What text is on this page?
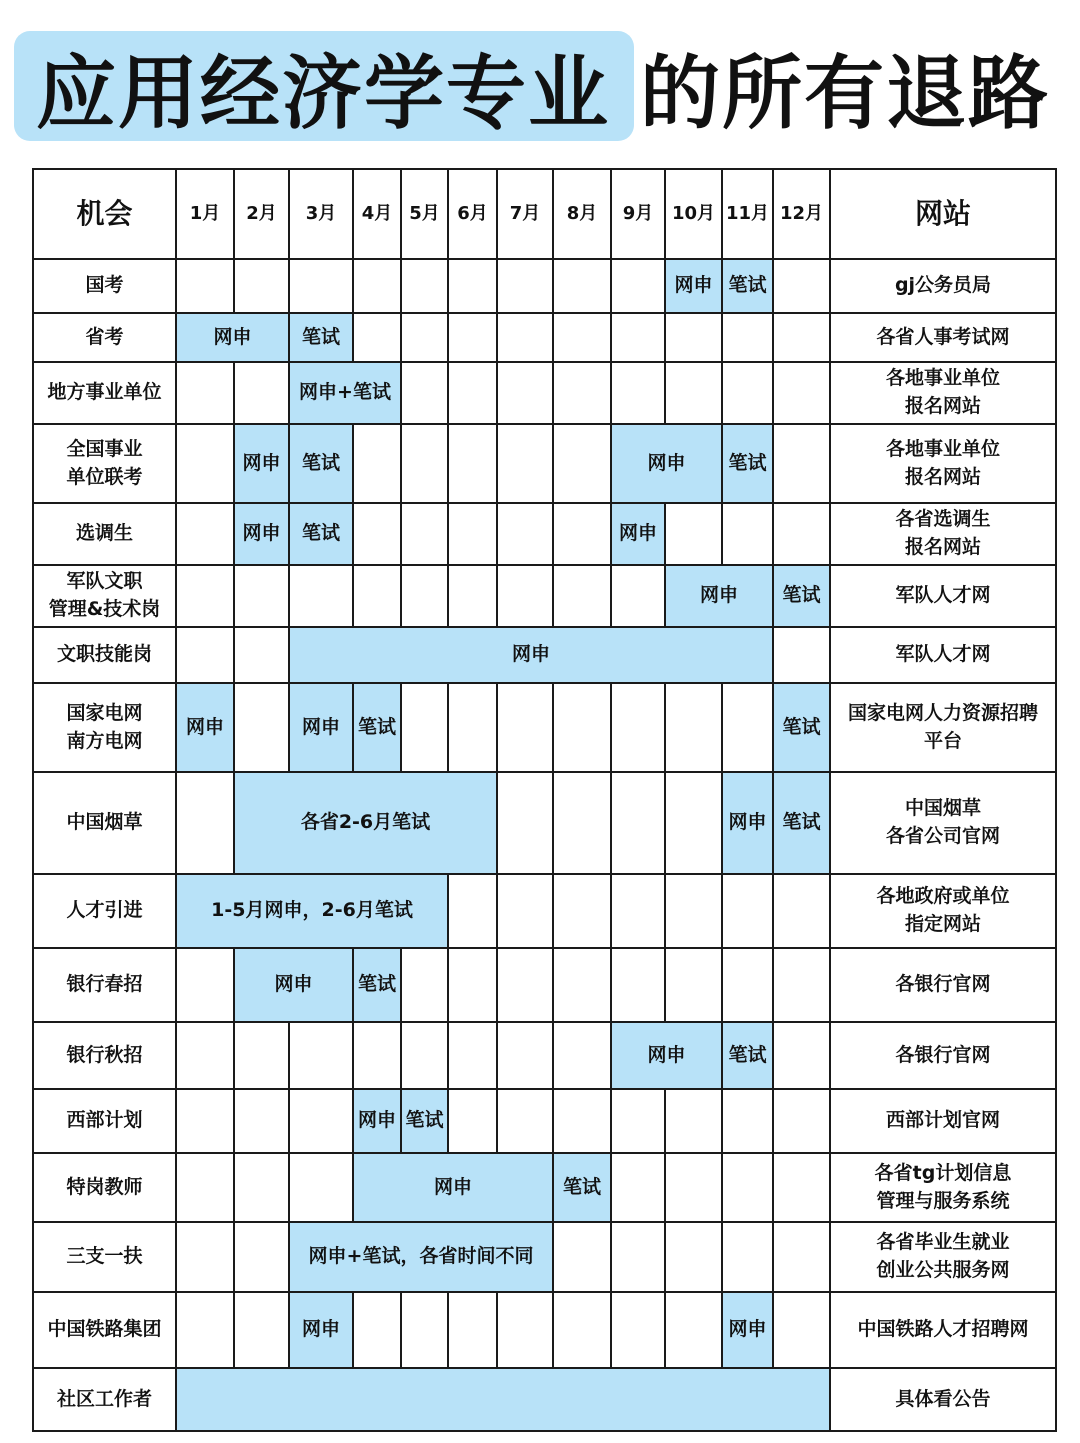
应用经济学专业 的所有退路
机会	1月	2月	3月	4月	5月	6月	7月	8月	9月	10月	11月	12月	网站
国考										网申	笔试		gj公务员局
省考	网申		笔试										各省人事考试网
地方事业单位			网申+笔试										各地事业单位
报名网站
全国事业
单位联考		网申	笔试						网申		笔试		各地事业单位
报名网站
选调生		网申	笔试						网申				各省选调生
报名网站
军队文职
管理&技术岗										网申		笔试	军队人才网
文职技能岗			网申										军队人才网
国家电网
南方电网	网申		网申	笔试								笔试	国家电网人力资源招聘
平台
中国烟草		各省2-6月笔试									网申	笔试	中国烟草
各省公司官网
人才引进	1-5月网申，2-6月笔试												各地政府或单位
指定网站
银行春招		网申		笔试									各银行官网
银行秋招									网申		笔试		各银行官网
西部计划				网申	笔试								西部计划官网
特岗教师				网申				笔试					各省tg计划信息
管理与服务系统
三支一扶			网申+笔试，各省时间不同										各省毕业生就业
创业公共服务网
中国铁路集团			网申								网申		中国铁路人才招聘网
社区工作者													具体看公告
